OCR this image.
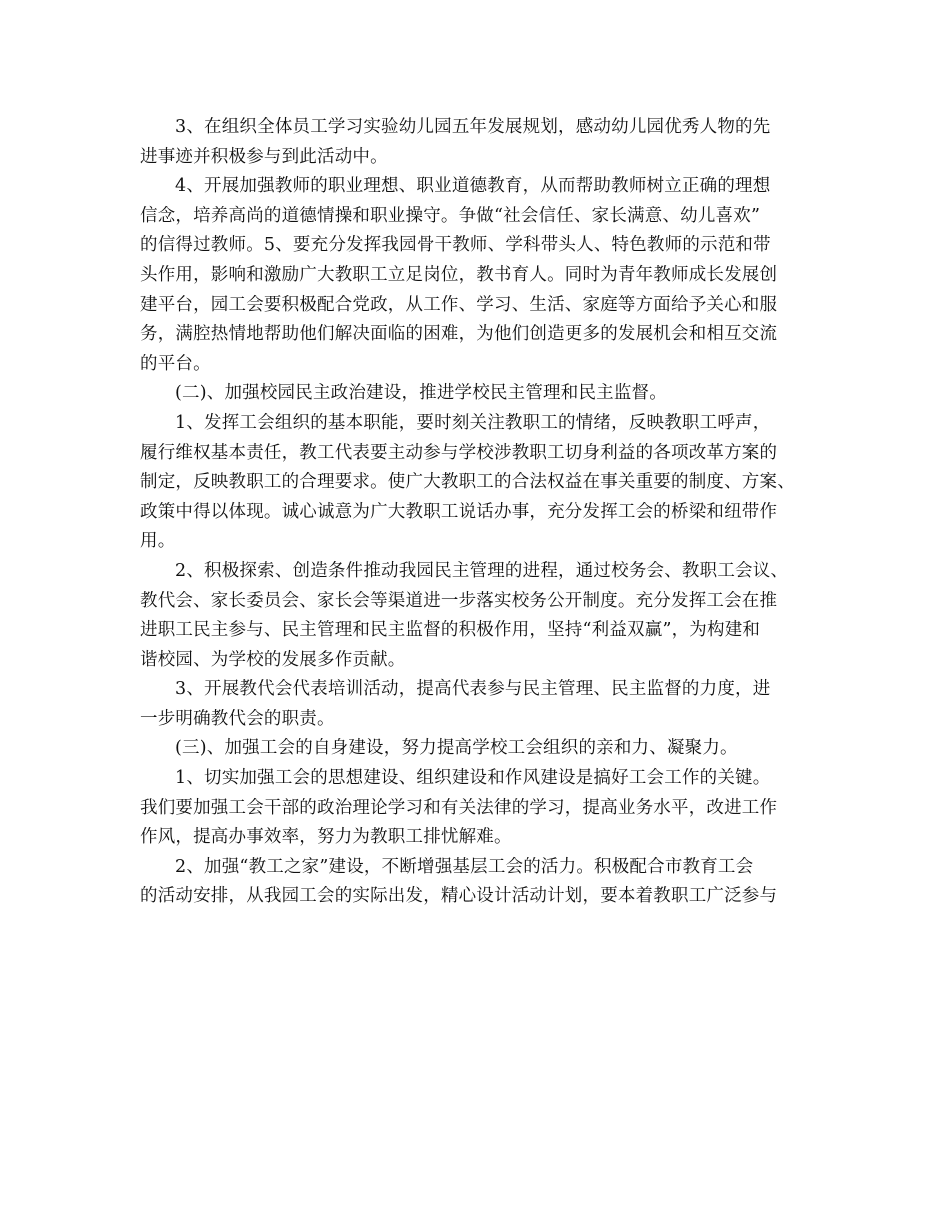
3、在组织全体员工学习实验幼儿园五年发展规划，感动幼儿园优秀人物的先
进事迹并积极参与到此活动中。
4、开展加强教师的职业理想、职业道德教育，从而帮助教师树立正确的理想
信念，培养高尚的道德情操和职业操守。争做“社会信任、家长满意、幼儿喜欢”
的信得过教师。5、要充分发挥我园骨干教师、学科带头人、特色教师的示范和带
头作用，影响和激励广大教职工立足岗位，教书育人。同时为青年教师成长发展创
建平台，园工会要积极配合党政，从工作、学习、生活、家庭等方面给予关心和服
务，满腔热情地帮助他们解决面临的困难，为他们创造更多的发展机会和相互交流
的平台。
(二)、加强校园民主政治建设，推进学校民主管理和民主监督。
1、发挥工会组织的基本职能，要时刻关注教职工的情绪，反映教职工呼声，
履行维权基本责任，教工代表要主动参与学校涉教职工切身利益的各项改革方案的
制定，反映教职工的合理要求。使广大教职工的合法权益在事关重要的制度、方案、
政策中得以体现。诚心诚意为广大教职工说话办事，充分发挥工会的桥梁和纽带作
用。
2、积极探索、创造条件推动我园民主管理的进程，通过校务会、教职工会议、
教代会、家长委员会、家长会等渠道进一步落实校务公开制度。充分发挥工会在推
进职工民主参与、民主管理和民主监督的积极作用，坚持“利益双赢”，为构建和
谐校园、为学校的发展多作贡献。
3、开展教代会代表培训活动，提高代表参与民主管理、民主监督的力度，进
一步明确教代会的职责。
(三)、加强工会的自身建设，努力提高学校工会组织的亲和力、凝聚力。
1、切实加强工会的思想建设、组织建设和作风建设是搞好工会工作的关键。
我们要加强工会干部的政治理论学习和有关法律的学习，提高业务水平，改进工作
作风，提高办事效率，努力为教职工排忧解难。
2、加强“教工之家”建设，不断增强基层工会的活力。积极配合市教育工会
的活动安排，从我园工会的实际出发，精心设计活动计划，要本着教职工广泛参与
